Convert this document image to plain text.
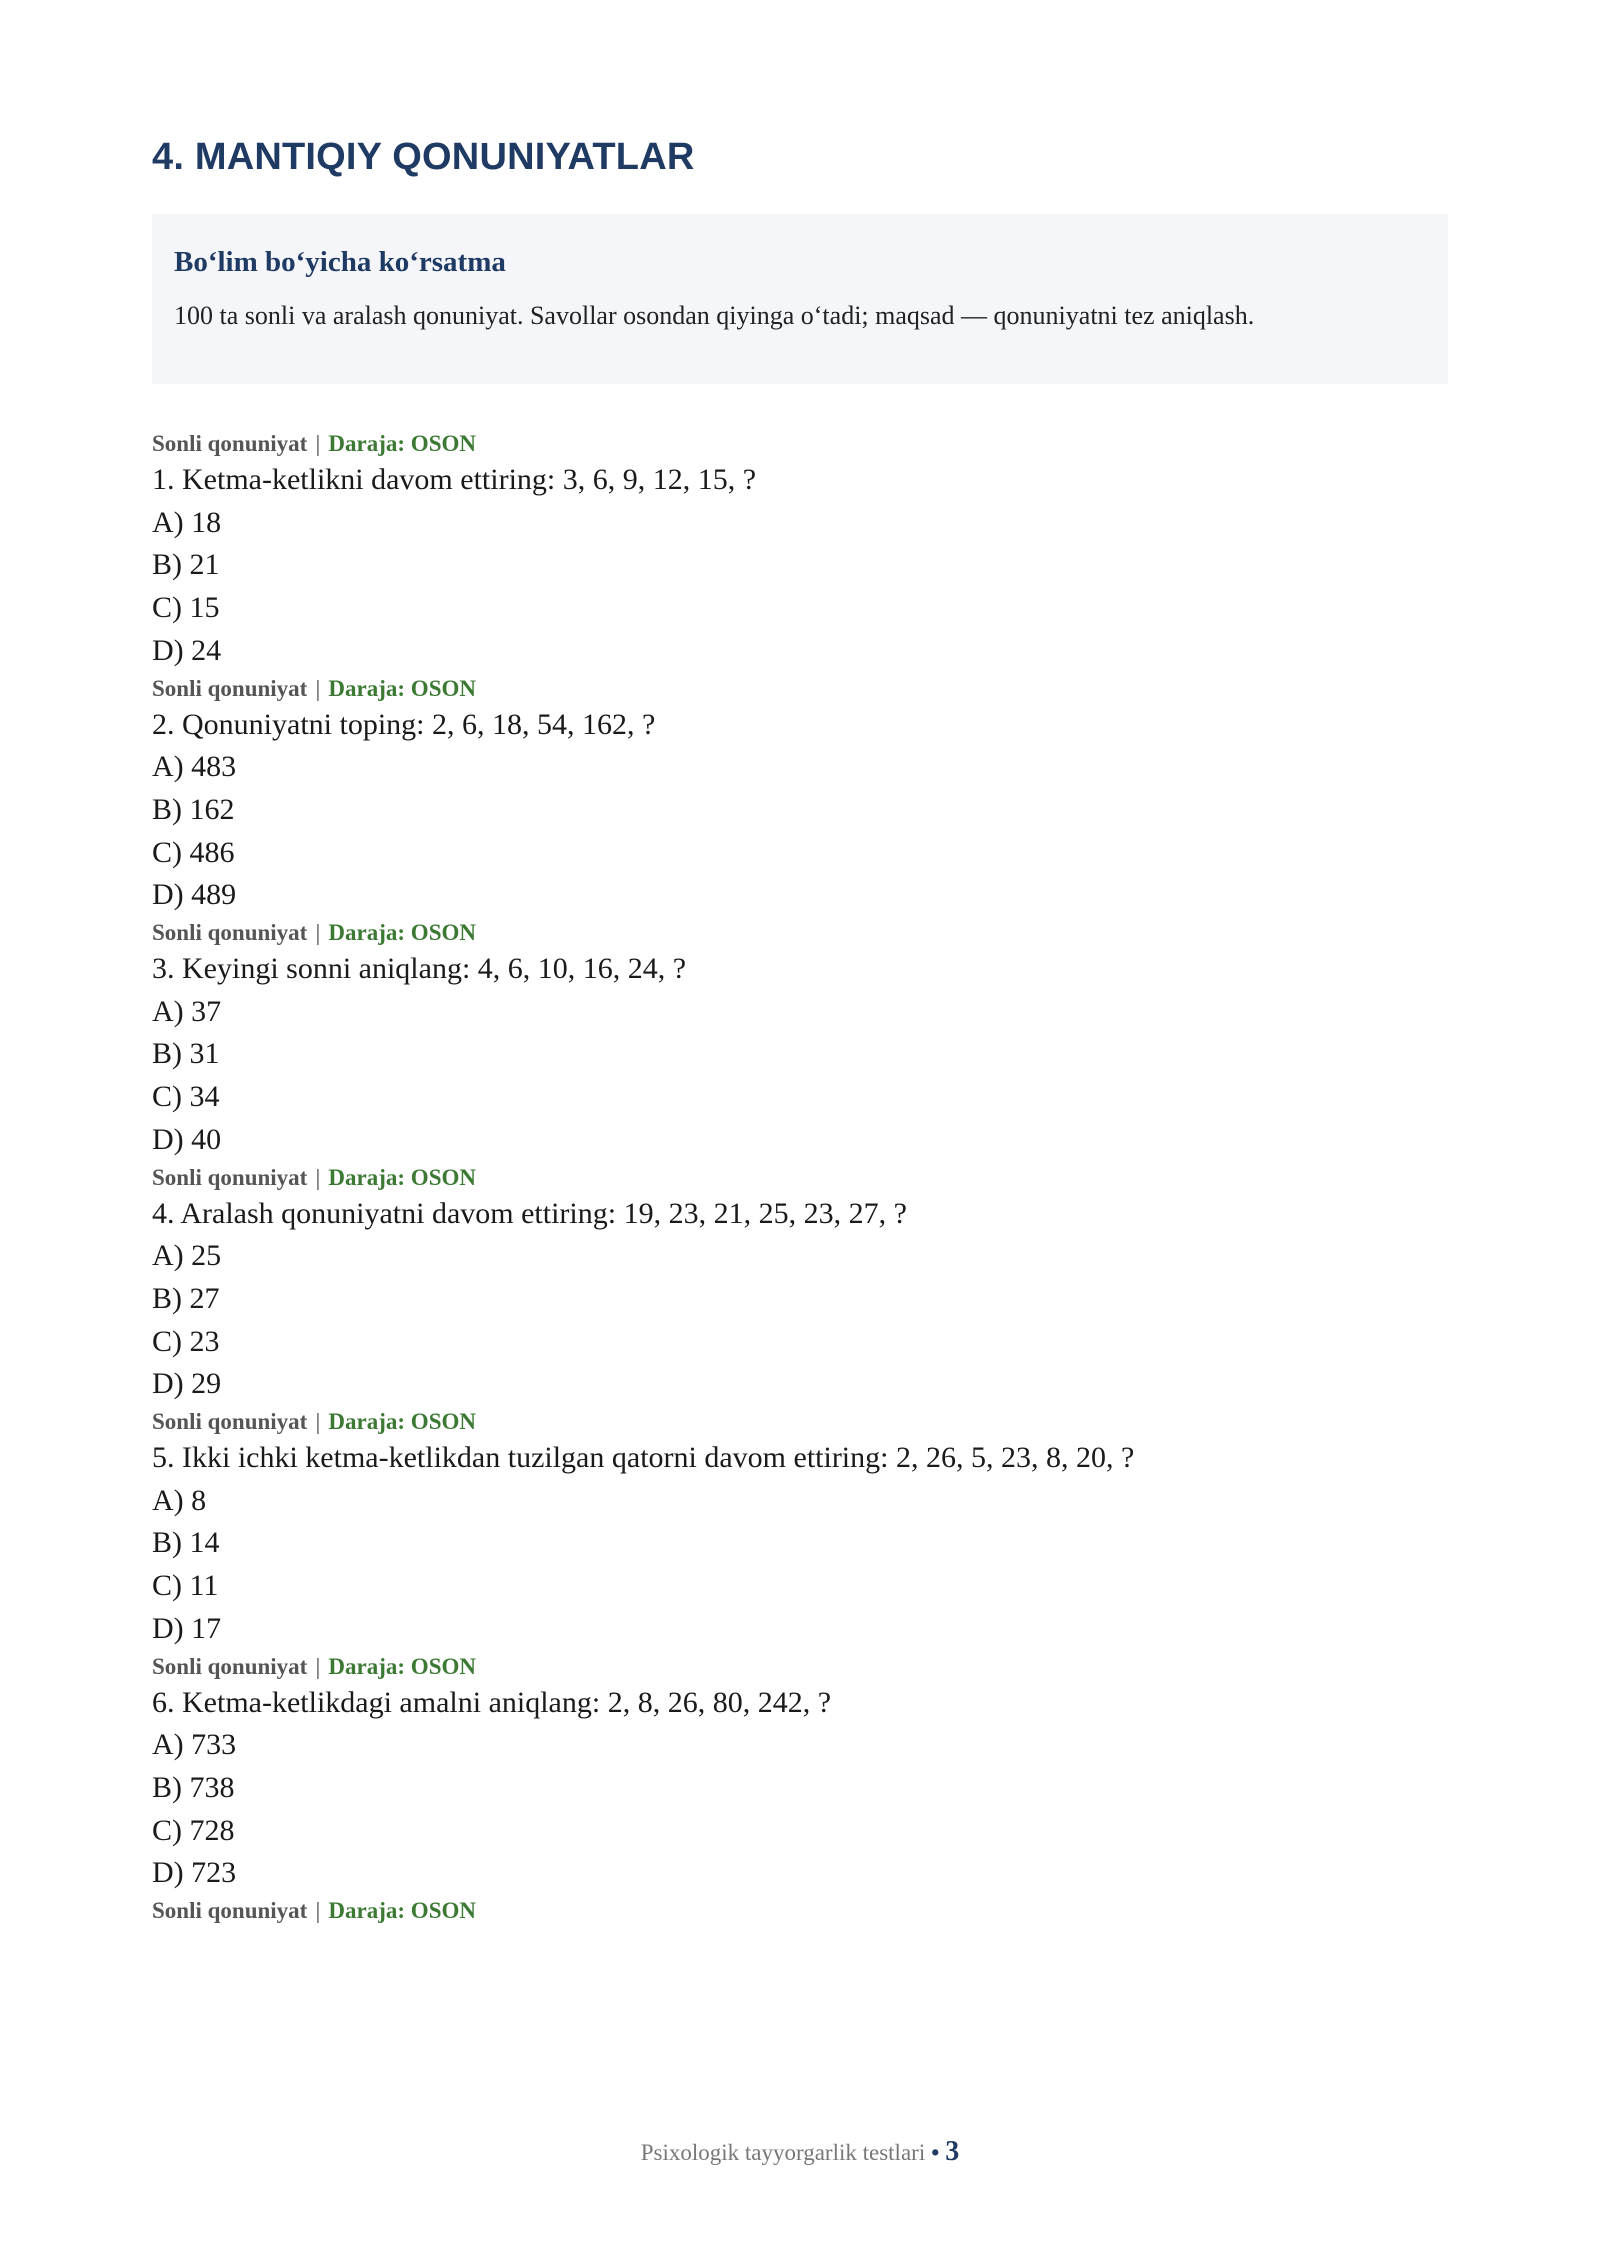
4. MANTIQIY QONUNIYATLAR
Bo‘lim bo‘yicha ko‘rsatma
100 ta sonli va aralash qonuniyat. Savollar osondan qiyinga o‘tadi; maqsad — qonuniyatni tez aniqlash.
Sonli qonuniyat | Daraja: OSON
1. Ketma-ketlikni davom ettiring: 3, 6, 9, 12, 15, ?
A) 18
B) 21
C) 15
D) 24
Sonli qonuniyat | Daraja: OSON
2. Qonuniyatni toping: 2, 6, 18, 54, 162, ?
A) 483
B) 162
C) 486
D) 489
Sonli qonuniyat | Daraja: OSON
3. Keyingi sonni aniqlang: 4, 6, 10, 16, 24, ?
A) 37
B) 31
C) 34
D) 40
Sonli qonuniyat | Daraja: OSON
4. Aralash qonuniyatni davom ettiring: 19, 23, 21, 25, 23, 27, ?
A) 25
B) 27
C) 23
D) 29
Sonli qonuniyat | Daraja: OSON
5. Ikki ichki ketma-ketlikdan tuzilgan qatorni davom ettiring: 2, 26, 5, 23, 8, 20, ?
A) 8
B) 14
C) 11
D) 17
Sonli qonuniyat | Daraja: OSON
6. Ketma-ketlikdagi amalni aniqlang: 2, 8, 26, 80, 242, ?
A) 733
B) 738
C) 728
D) 723
Sonli qonuniyat | Daraja: OSON
Psixologik tayyorgarlik testlari • 3
